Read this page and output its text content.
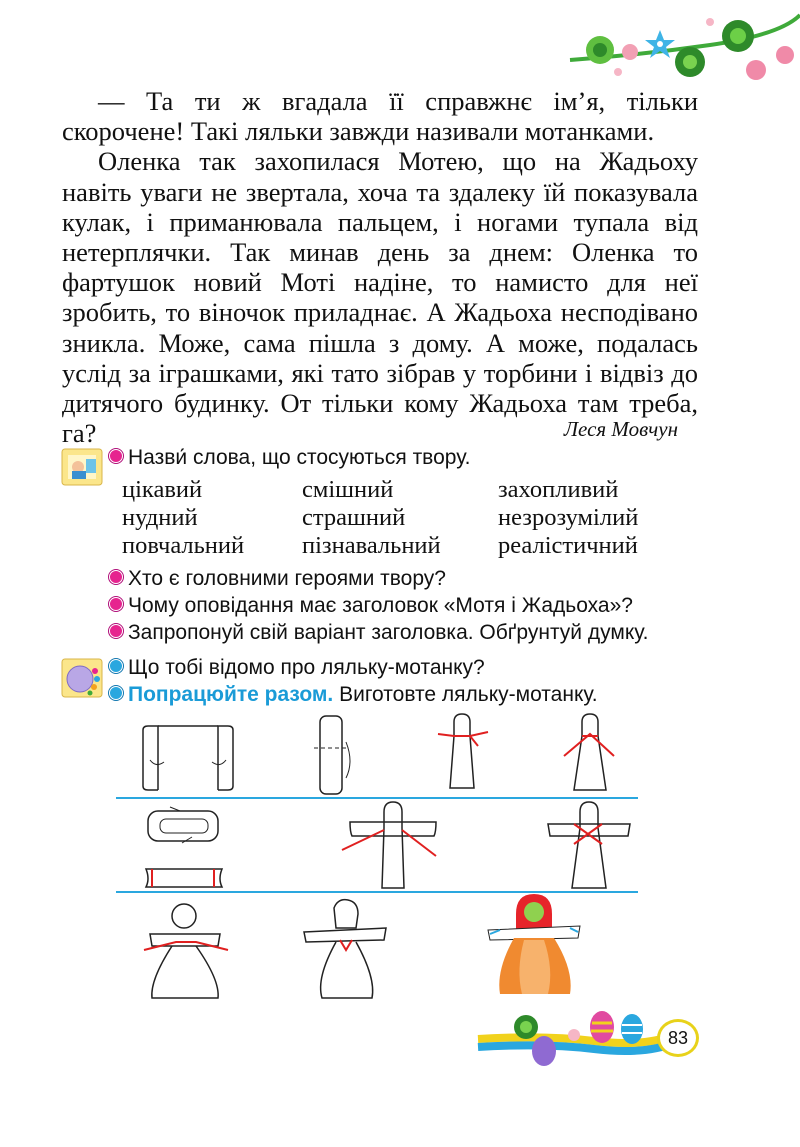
— Та ти ж вгадала її справжнє ім’я, тільки скорочене! Такі ляльки завжди називали мотанками.

Оленка так захопилася Мотею, що на Жадьоху навіть уваги не звертала, хоча та здалеку їй показувала кулак, і приманювала пальцем, і ногами тупала від нетерплячки. Так минав день за днем: Оленка то фартушок новий Моті надіне, то намисто для неї зробить, то віночок приладнає. А Жадьоха несподівано зникла. Може, сама пішла з дому. А може, подалась услід за іграшками, які тато зібрав у торбини і відвіз до дитячого будинку. От тільки кому Жадьоха там треба, га?	Леся Мовчун
Назви́ слова, що стосуються твору.
цікавий
нудний
повчальний
смішний
страшний
пізнавальний
захопливий
незрозумілий
реалістичний
Хто є головними героями твору?
Чому оповідання має заголовок «Мотя і Жадьоха»?
Запропонуй свій варіант заголовка. Обґрунтуй думку.
Що тобі відомо про ляльку-мотанку?
Попрацюйте разом. Виготовте ляльку-мотанку.
83
